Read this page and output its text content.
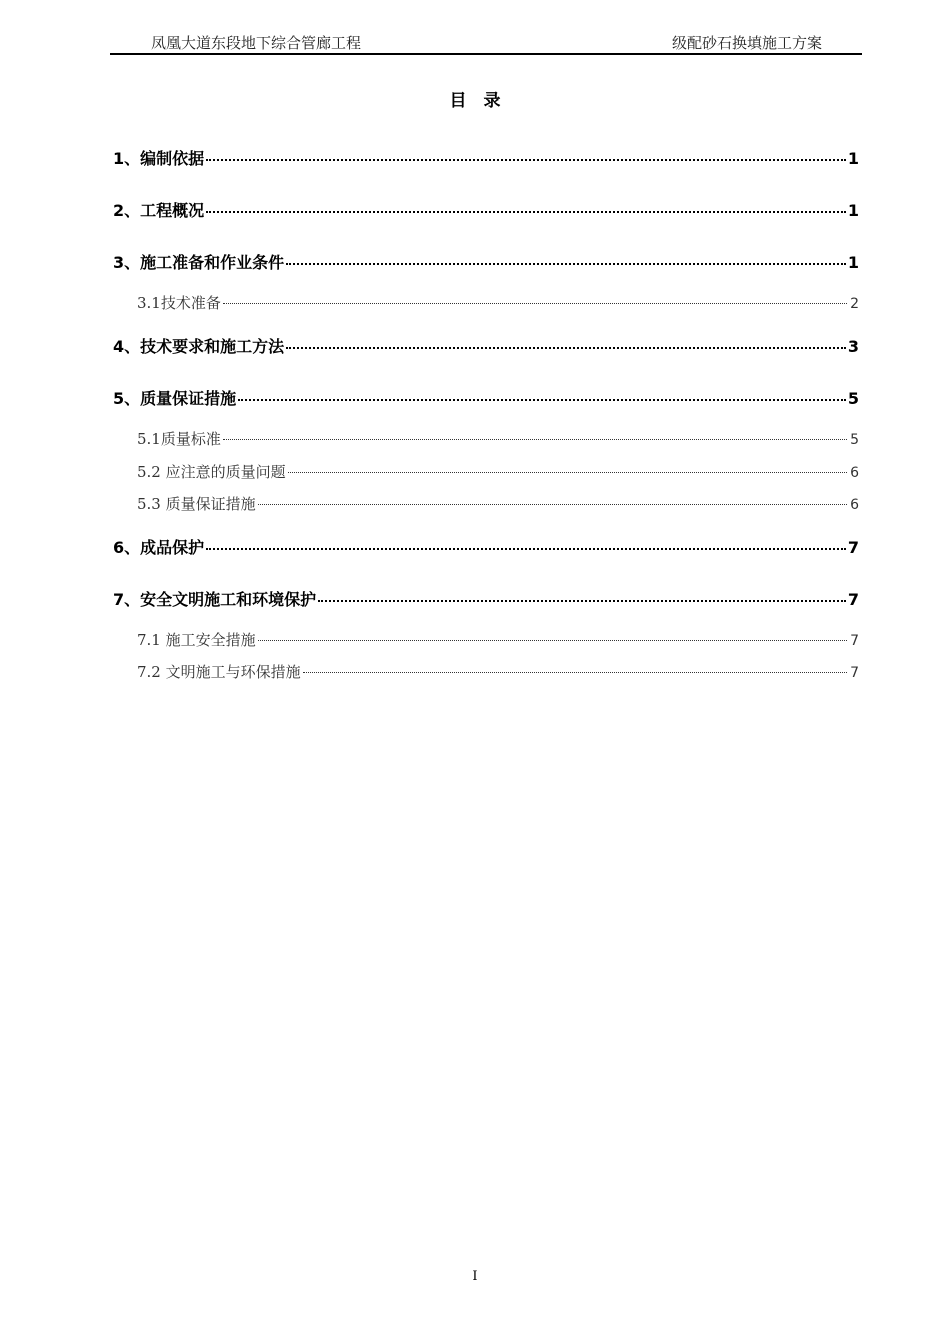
凤凰大道东段地下综合管廊工程	级配砂石换填施工方案
目　录
1、编制依据	1
2、工程概况	1
3、施工准备和作业条件	1
3.1技术准备	2
4、技术要求和施工方法	3
5、质量保证措施	5
5.1质量标准	5
5.2 应注意的质量问题	6
5.3 质量保证措施	6
6、成品保护	7
7、安全文明施工和环境保护	7
7.1 施工安全措施	7
7.2 文明施工与环保措施	7
I
